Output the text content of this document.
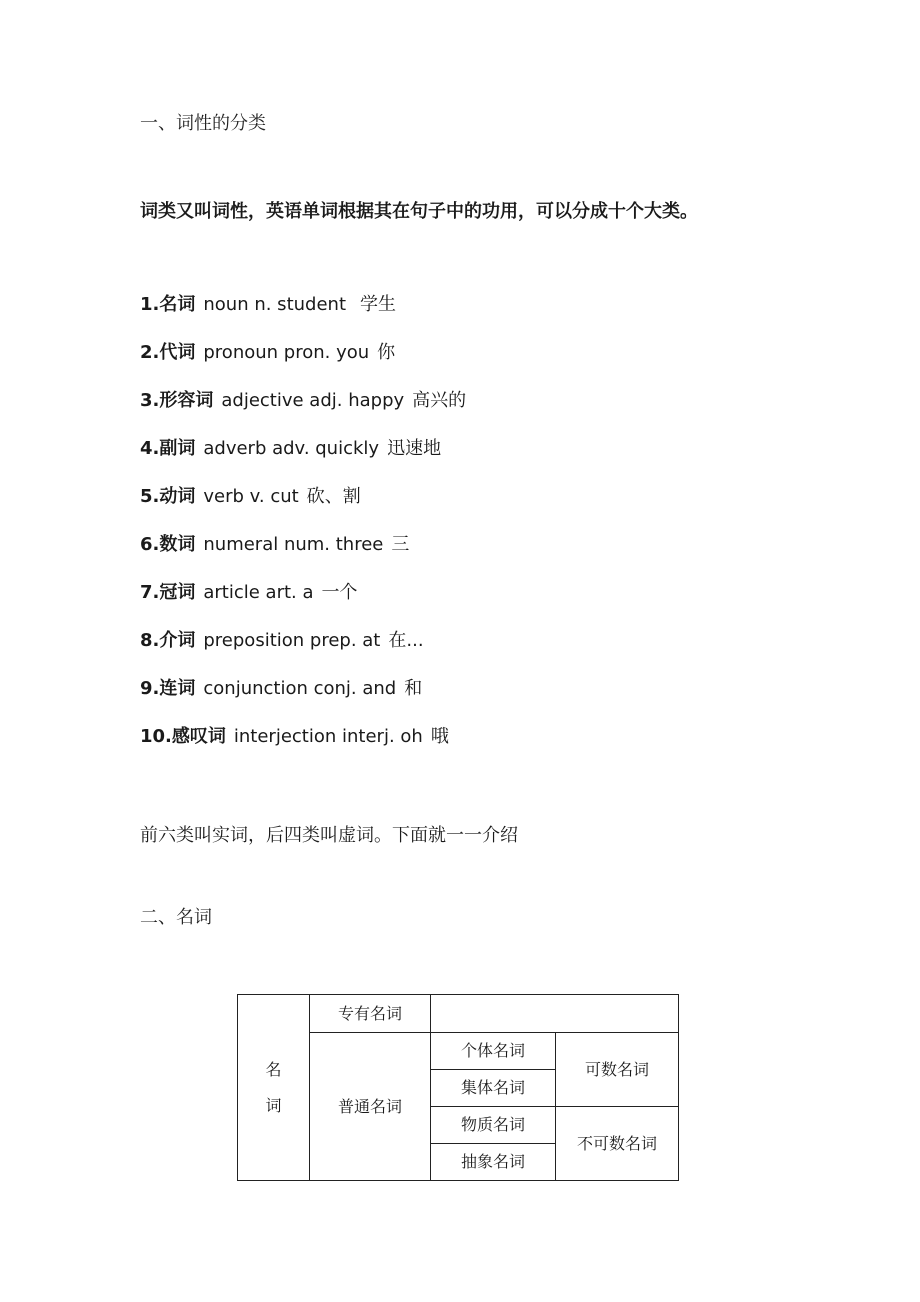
一、词性的分类
词类又叫词性，英语单词根据其在句子中的功用，可以分成十个大类。
1.名词 noun n. student 学生
2.代词 pronoun pron. you 你
3.形容词 adjective adj. happy 高兴的
4.副词 adverb adv. quickly 迅速地
5.动词 verb v. cut 砍、割
6.数词 numeral num. three 三
7.冠词 article art. a 一个
8.介词 preposition prep. at 在...
9.连词 conjunction conj. and 和
10.感叹词 interjection interj. oh 哦
前六类叫实词，后四类叫虚词。下面就一一介绍
二、名词
名
词	专有名词		
	普通名词	个体名词	可数名词
		集体名词	
		物质名词	不可数名词
		抽象名词	
